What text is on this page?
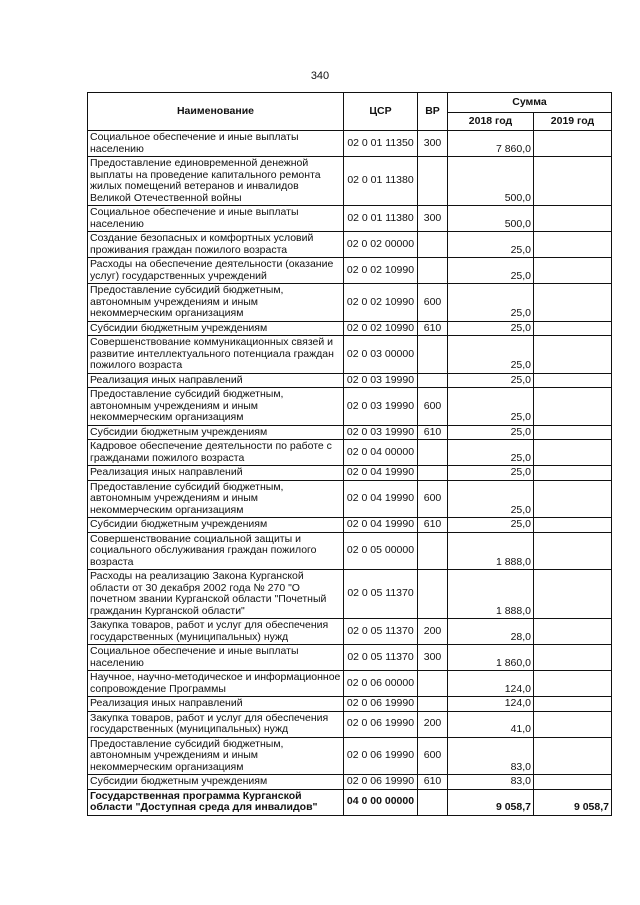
340
Наименование	ЦСР	ВР	Сумма	
			2018 год	2019 год
Социальное обеспечение и иные выплаты населению	02 0 01 11350	300	7 860,0	
Предоставление единовременной денежной выплаты на проведение капитального ремонта жилых помещений ветеранов и инвалидов Великой Отечественной войны	02 0 01 11380		500,0	
Социальное обеспечение и иные выплаты населению	02 0 01 11380	300	500,0	
Создание безопасных и комфортных условий проживания граждан пожилого возраста	02 0 02 00000		25,0	
Расходы на обеспечение деятельности (оказание услуг) государственных учреждений	02 0 02 10990		25,0	
Предоставление субсидий бюджетным, автономным учреждениям и иным некоммерческим организациям	02 0 02 10990	600	25,0	
Субсидии бюджетным учреждениям	02 0 02 10990	610	25,0	
Совершенствование коммуникационных связей и развитие интеллектуального потенциала граждан пожилого возраста	02 0 03 00000		25,0	
Реализация иных направлений	02 0 03 19990		25,0	
Предоставление субсидий бюджетным, автономным учреждениям и иным некоммерческим организациям	02 0 03 19990	600	25,0	
Субсидии бюджетным учреждениям	02 0 03 19990	610	25,0	
Кадровое обеспечение деятельности по работе с гражданами пожилого возраста	02 0 04 00000		25,0	
Реализация иных направлений	02 0 04 19990		25,0	
Предоставление субсидий бюджетным, автономным учреждениям и иным некоммерческим организациям	02 0 04 19990	600	25,0	
Субсидии бюджетным учреждениям	02 0 04 19990	610	25,0	
Совершенствование социальной защиты и социального обслуживания граждан пожилого возраста	02 0 05 00000		1 888,0	
Расходы на реализацию Закона Курганской области от 30 декабря 2002 года № 270 "О почетном звании Курганской области "Почетный гражданин Курганской области"	02 0 05 11370		1 888,0	
Закупка товаров, работ и услуг для обеспечения государственных (муниципальных) нужд	02 0 05 11370	200	28,0	
Социальное обеспечение и иные выплаты населению	02 0 05 11370	300	1 860,0	
Научное, научно-методическое и информационное сопровождение Программы	02 0 06 00000		124,0	
Реализация иных направлений	02 0 06 19990		124,0	
Закупка товаров, работ и услуг для обеспечения государственных (муниципальных) нужд	02 0 06 19990	200	41,0	
Предоставление субсидий бюджетным, автономным учреждениям и иным некоммерческим организациям	02 0 06 19990	600	83,0	
Субсидии бюджетным учреждениям	02 0 06 19990	610	83,0	
Государственная программа Курганской области "Доступная среда для инвалидов"	04 0 00 00000		9 058,7	9 058,7
